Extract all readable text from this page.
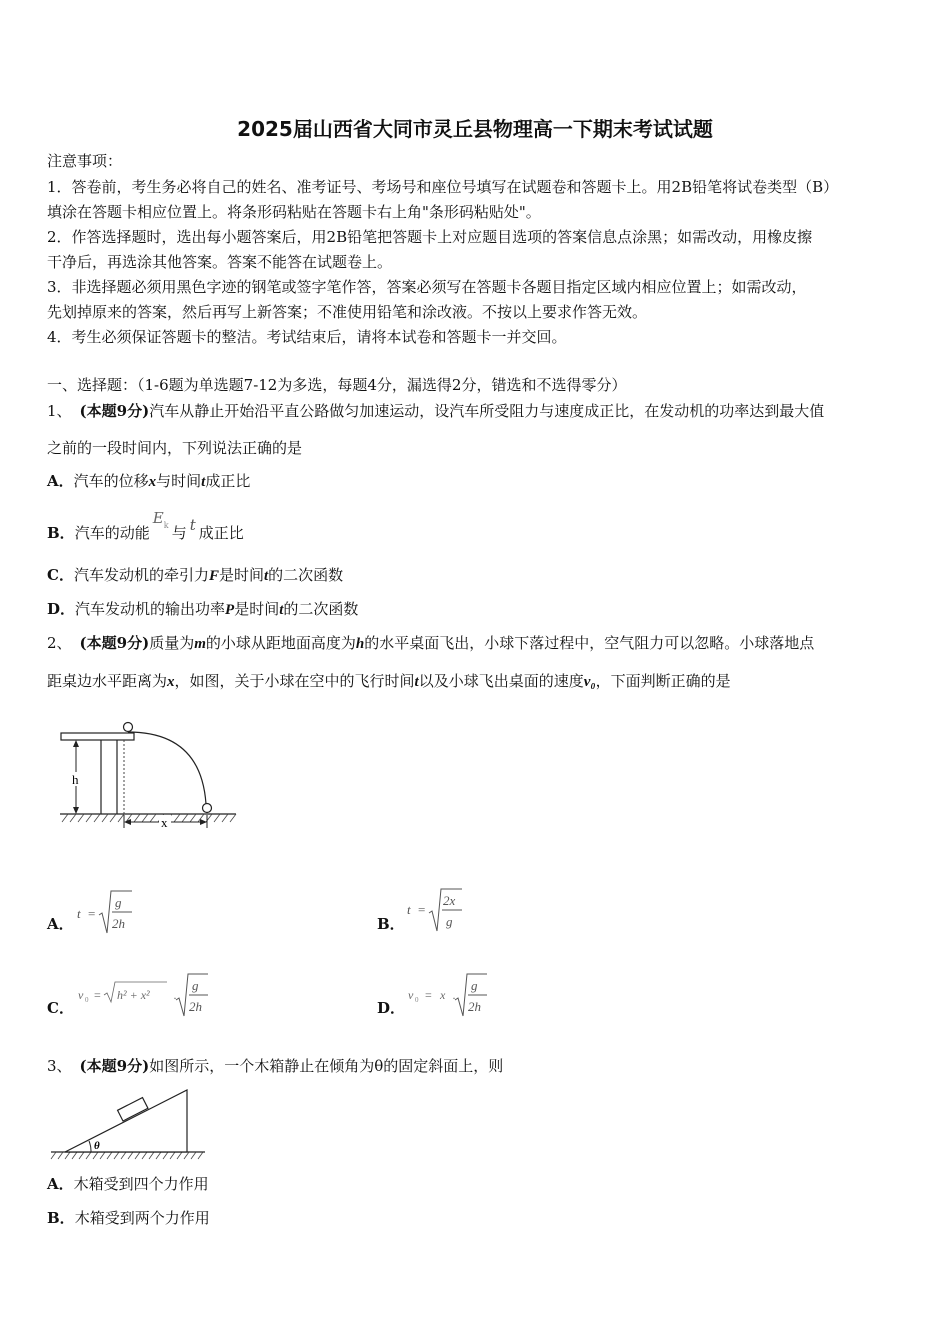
2025届山西省大同市灵丘县物理高一下期末考试试题
注意事项：
1．答卷前，考生务必将自己的姓名、准考证号、考场号和座位号填写在试题卷和答题卡上。用2B铅笔将试卷类型（B）
填涂在答题卡相应位置上。将条形码粘贴在答题卡右上角"条形码粘贴处"。
2．作答选择题时，选出每小题答案后，用2B铅笔把答题卡上对应题目选项的答案信息点涂黑；如需改动，用橡皮擦
干净后，再选涂其他答案。答案不能答在试题卷上。
3．非选择题必须用黑色字迹的钢笔或签字笔作答，答案必须写在答题卡各题目指定区域内相应位置上；如需改动，
先划掉原来的答案，然后再写上新答案；不准使用铅笔和涂改液。不按以上要求作答无效。
4．考生必须保证答题卡的整洁。考试结束后，请将本试卷和答题卡一并交回。
一、选择题：（1-6题为单选题7-12为多选，每题4分，漏选得2分，错选和不选得零分）
1、 (本题9分)汽车从静止开始沿平直公路做匀加速运动，设汽车所受阻力与速度成正比，在发动机的功率达到最大值
之前的一段时间内，下列说法正确的是
A．汽车的位移x与时间t成正比
B．汽车的动能
E k 与 t 成正比
C．汽车发动机的牵引力F是时间t的二次函数
D．汽车发动机的输出功率P是时间t的二次函数
2、 (本题9分)质量为m的小球从距地面高度为h的水平桌面飞出，小球下落过程中，空气阻力可以忽略。小球落地点
距桌边水平距离为x，如图，关于小球在空中的飞行时间t以及小球飞出桌面的速度v₀，下面判断正确的是
h
x
A．
t =
g
2h	B．
t =
2x
g
C．
v 0 = h² + x² ·
g
2h	D．
v 0 = x ·
g
2h
3、 (本题9分)如图所示，一个木箱静止在倾角为θ的固定斜面上，则
θ
A．木箱受到四个力作用
B．木箱受到两个力作用
